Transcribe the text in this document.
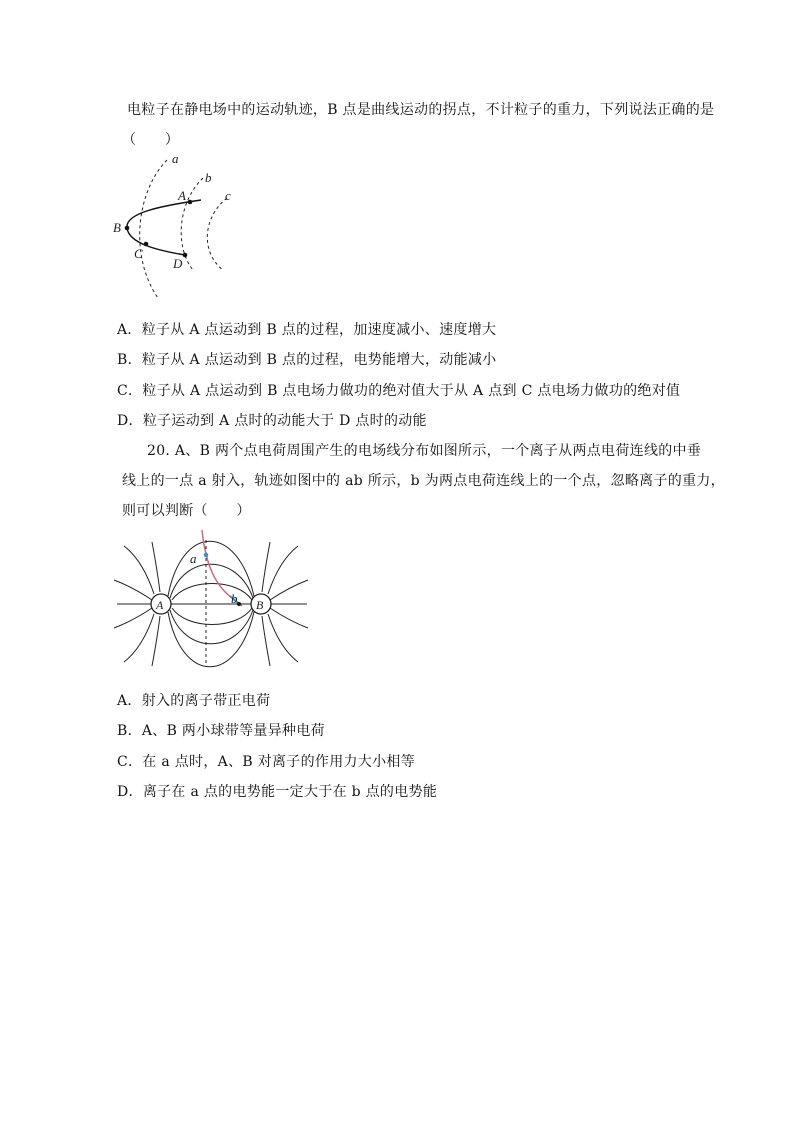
电粒子在静电场中的运动轨迹，B 点是曲线运动的拐点，不计粒子的重力，下列说法正确的是
（　　）
a
b
c
A
B
C
D
A．粒子从 A 点运动到 B 点的过程，加速度减小、速度增大
B．粒子从 A 点运动到 B 点的过程，电势能增大，动能减小
C．粒子从 A 点运动到 B 点电场力做功的绝对值大于从 A 点到 C 点电场力做功的绝对值
D．粒子运动到 A 点时的动能大于 D 点时的动能
20. A、B 两个点电荷周围产生的电场线分布如图所示，一个离子从两点电荷连线的中垂
线上的一点 a 射入，轨迹如图中的 ab 所示，b 为两点电荷连线上的一个点，忽略离子的重力，
则可以判断（　　）
A	B
a
b
A．射入的离子带正电荷
B．A、B 两小球带等量异种电荷
C．在 a 点时，A、B 对离子的作用力大小相等
D．离子在 a 点的电势能一定大于在 b 点的电势能
